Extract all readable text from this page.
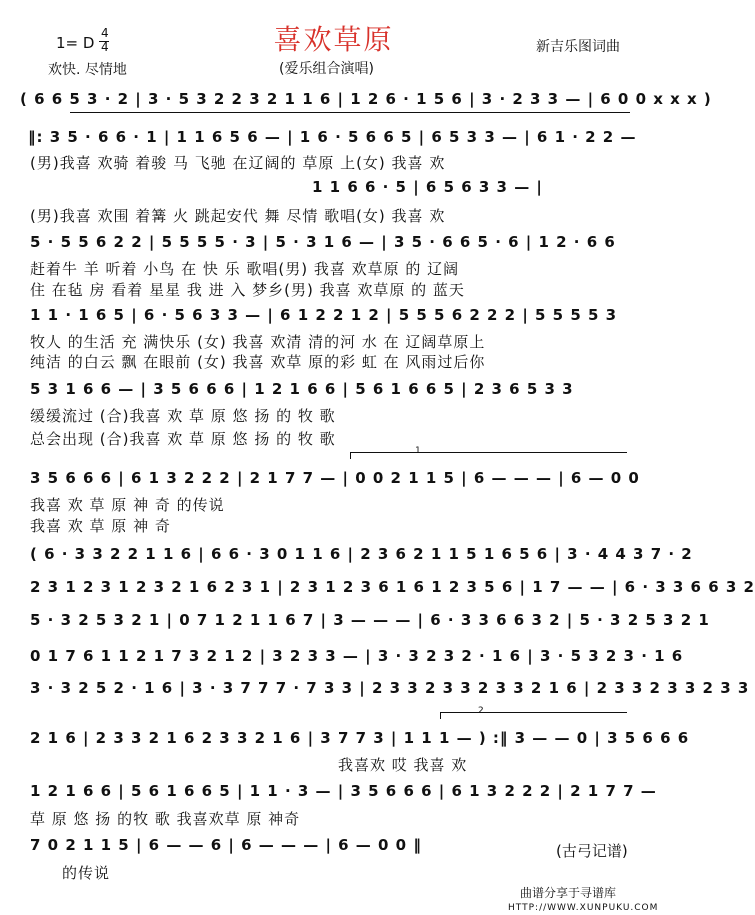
喜欢草原
1= D
4
4
欢快. 尽情地	(爱乐组合演唱)
新吉乐图词曲
( 6 6 5 3 · 2 | 3 · 5 3 2 2 3 2 1 1 6 | 1 2 6 · 1 5 6 | 3 · 2 3 3 — | 6 0 0 x x x )
‖: 3 5 · 6 6 · 1 | 1 1 6 5 6 — | 1 6 · 5 6 6 5 | 6 5 3 3 — | 6 1 · 2 2 —
(男)我喜 欢骑 着骏 马 飞驰 在辽阔的 草原 上(女) 我喜 欢
1 1 6 6 · 5 | 6 5 6 3 3 — |
(男)我喜 欢围 着篝 火 跳起安代 舞 尽情 歌唱(女) 我喜 欢
5 · 5 5 6 2 2 | 5 5 5 5 · 3 | 5 · 3 1 6 — | 3 5 · 6 6 5 · 6 | 1 2 · 6 6
赶着牛 羊 听着 小鸟 在 快 乐 歌唱(男) 我喜 欢草原 的 辽阔
住 在毡 房 看着 星星 我 进 入 梦乡(男) 我喜 欢草原 的 蓝天
1 1 · 1 6 5 | 6 · 5 6 3 3 — | 6 1 2 2 1 2 | 5 5 5 6 2 2 2 | 5 5 5 5 3
牧人 的生活 充 满快乐 (女) 我喜 欢清 清的河 水 在 辽阔草原上
纯洁 的白云 飘 在眼前 (女) 我喜 欢草 原的彩 虹 在 风雨过后你
5 3 1 6 6 — | 3 5 6 6 6 | 1 2 1 6 6 | 5 6 1 6 6 5 | 2 3 6 5 3 3
缓缓流过 (合)我喜 欢 草 原 悠 扬 的 牧 歌
总会出现 (合)我喜 欢 草 原 悠 扬 的 牧 歌
1
3 5 6 6 6 | 6 1 3 2 2 2 | 2 1 7 7 — | 0 0 2 1 1 5 | 6 — — — | 6 — 0 0
我喜 欢 草 原 神 奇 的传说
我喜 欢 草 原 神 奇
( 6 · 3 3 2 2 1 1 6 | 6 6 · 3 0 1 1 6 | 2 3 6 2 1 1 5 1 6 5 6 | 3 · 4 4 3 7 · 2
2 3 1 2 3 1 2 3 2 1 6 2 3 1 | 2 3 1 2 3 6 1 6 1 2 3 5 6 | 1 7 — — | 6 · 3 3 6 6 3 2
5 · 3 2 5 3 2 1 | 0 7 1 2 1 1 6 7 | 3 — — — | 6 · 3 3 6 6 3 2 | 5 · 3 2 5 3 2 1
0 1 7 6 1 1 2 1 7 3 2 1 2 | 3 2 3 3 — | 3 · 3 2 3 2 · 1 6 | 3 · 5 3 2 3 · 1 6
3 · 3 2 5 2 · 1 6 | 3 · 3 7 7 7 · 7 3 3 | 2 3 3 2 3 3 2 3 3 2 1 6 | 2 3 3 2 3 3 2 3 3
2
2 1 6 | 2 3 3 2 1 6 2 3 3 2 1 6 | 3 7 7 3 | 1 1 1 — ) :‖ 3 — — 0 | 3 5 6 6 6
我喜欢 哎 我喜 欢
1 2 1 6 6 | 5 6 1 6 6 5 | 1 1 · 3 — | 3 5 6 6 6 | 6 1 3 2 2 2 | 2 1 7 7 —
草 原 悠 扬 的牧 歌 我喜欢草 原 神奇
7 0 2 1 1 5 | 6 — — 6 | 6 — — — | 6 — 0 0 ‖
的传说
(古弓记谱)
曲谱分享于寻谱库
HTTP://WWW.XUNPUKU.COM
